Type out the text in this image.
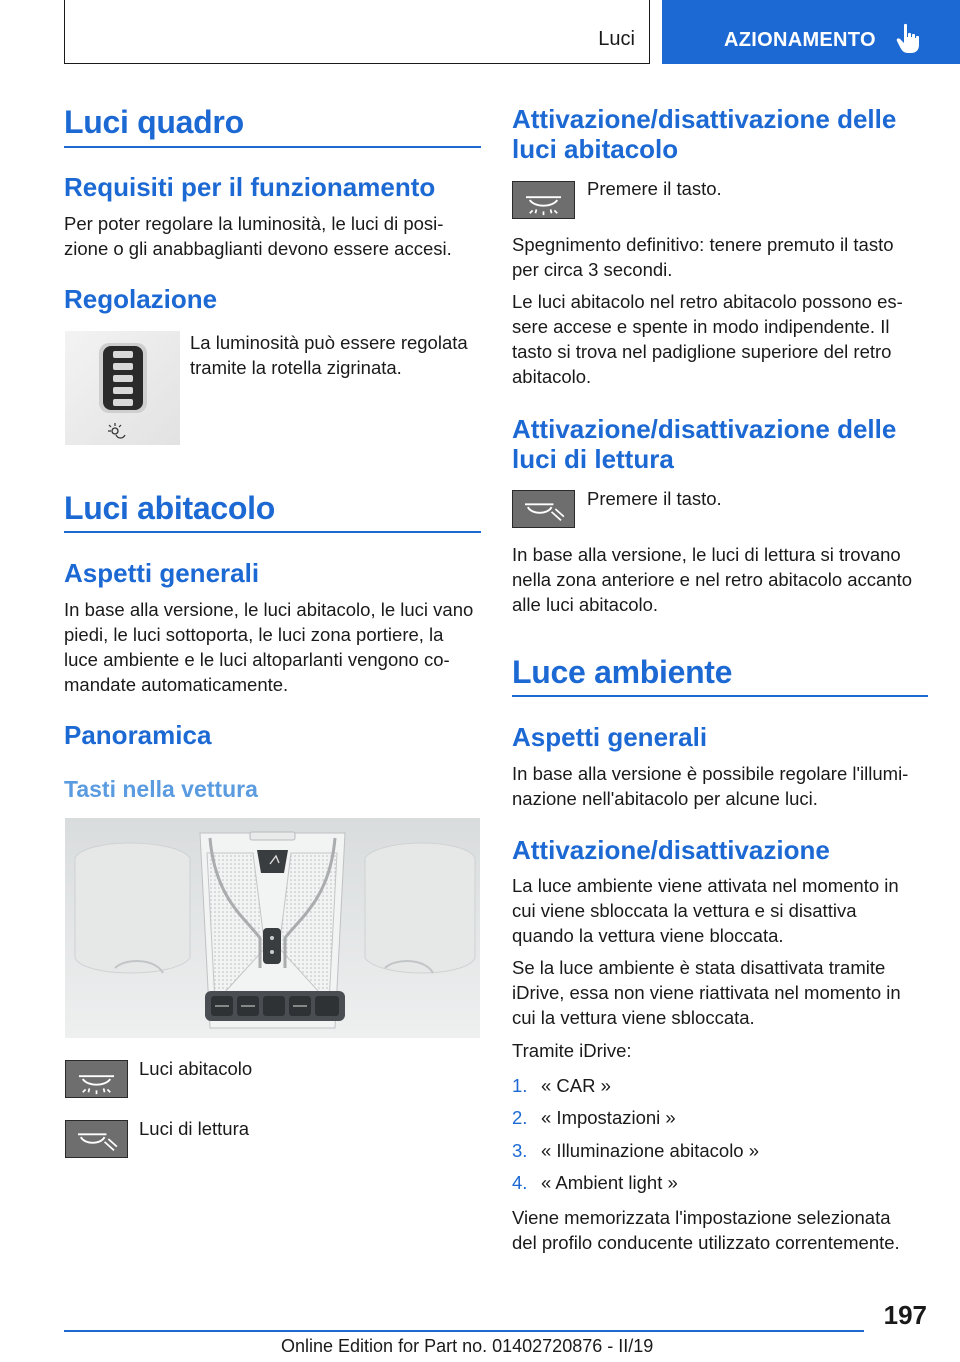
Luci	AZIONAMENTO
Luci quadro
Requisiti per il funzionamento
Per poter regolare la luminosità, le luci di posi‐
zione o gli anabbaglianti devono essere accesi.
Regolazione
La luminosità può essere regolata
tramite la rotella zigrinata.
Luci abitacolo
Aspetti generali
In base alla versione, le luci abitacolo, le luci vano
piedi, le luci sottoporta, le luci zona portiere, la
luce ambiente e le luci altoparlanti vengono co‐
mandate automaticamente.
Panoramica
Tasti nella vettura
Luci abitacolo
Luci di lettura
Attivazione/disattivazione delle
luci abitacolo
Premere il tasto.
Spegnimento definitivo: tenere premuto il tasto
per circa 3 secondi.
Le luci abitacolo nel retro abitacolo possono es‐
sere accese e spente in modo indipendente. Il
tasto si trova nel padiglione superiore del retro
abitacolo.
Attivazione/disattivazione delle
luci di lettura
Premere il tasto.
In base alla versione, le luci di lettura si trovano
nella zona anteriore e nel retro abitacolo accanto
alle luci abitacolo.
Luce ambiente
Aspetti generali
In base alla versione è possibile regolare l'illumi‐
nazione nell'abitacolo per alcune luci.
Attivazione/disattivazione
La luce ambiente viene attivata nel momento in
cui viene sbloccata la vettura e si disattiva
quando la vettura viene bloccata.
Se la luce ambiente è stata disattivata tramite
iDrive, essa non viene riattivata nel momento in
cui la vettura viene sbloccata.
Tramite iDrive:
1. « CAR »
2. « Impostazioni »
3. « Illuminazione abitacolo »
4. « Ambient light »
Viene memorizzata l'impostazione selezionata
del profilo conducente utilizzato correntemente.
197
Online Edition for Part no. 01402720876 - II/19
